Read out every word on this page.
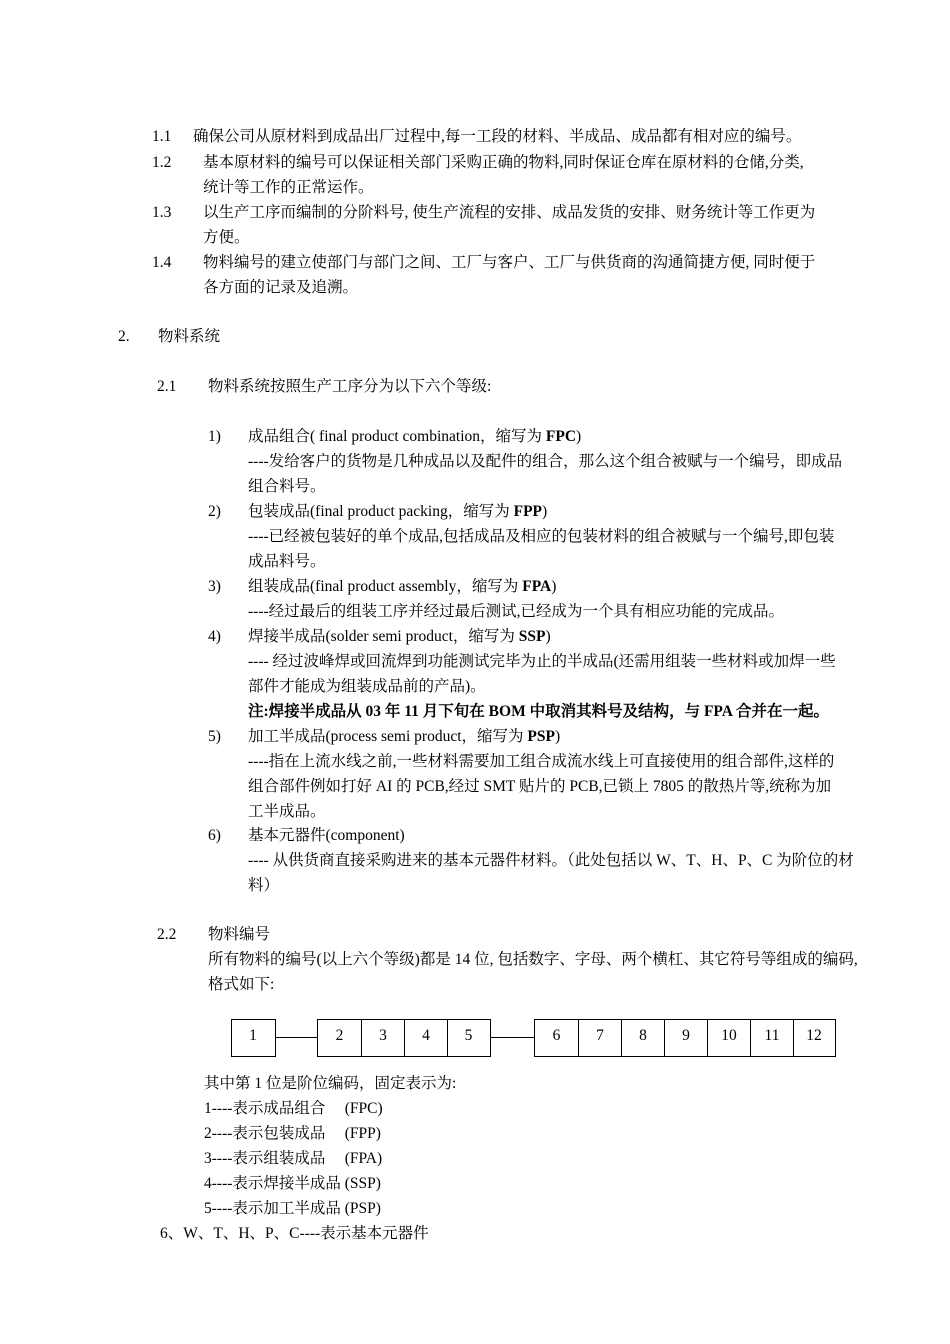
1.1 确保公司从原材料到成品出厂过程中,每一工段的材料、半成品、成品都有相对应的编号。
1.2 基本原材料的编号可以保证相关部门采购正确的物料,同时保证仓库在原材料的仓储,分类,
统计等工作的正常运作。
1.3 以生产工序而编制的分阶料号, 使生产流程的安排、成品发货的安排、财务统计等工作更为
方便。
1.4 物料编号的建立使部门与部门之间、工厂与客户、工厂与供货商的沟通简捷方便, 同时便于
各方面的记录及追溯。
2. 物料系统
2.1 物料系统按照生产工序分为以下六个等级:
1) 成品组合( final product combination，缩写为 FPC)
----发给客户的货物是几种成品以及配件的组合，那么这个组合被赋与一个编号，即成品
组合料号。
2) 包装成品(final product packing，缩写为 FPP)
----已经被包装好的单个成品,包括成品及相应的包装材料的组合被赋与一个编号,即包装
成品料号。
3) 组装成品(final product assembly，缩写为 FPA)
----经过最后的组装工序并经过最后测试,已经成为一个具有相应功能的完成品。
4) 焊接半成品(solder semi product，缩写为 SSP)
---- 经过波峰焊或回流焊到功能测试完毕为止的半成品(还需用组装一些材料或加焊一些
部件才能成为组装成品前的产品)。
注:焊接半成品从 03 年 11 月下旬在 BOM 中取消其料号及结构，与 FPA 合并在一起。
5) 加工半成品(process semi product，缩写为 PSP)
----指在上流水线之前,一些材料需要加工组合成流水线上可直接使用的组合部件,这样的
组合部件例如打好 AI 的 PCB,经过 SMT 贴片的 PCB,已锁上 7805 的散热片等,统称为加
工半成品。
6) 基本元器件(component)
---- 从供货商直接采购进来的基本元器件材料。（此处包括以 W、T、H、P、C 为阶位的材
料）
2.2 物料编号
所有物料的编号(以上六个等级)都是 14 位, 包括数字、字母、两个横杠、其它符号等组成的编码,
格式如下:
1	2	3	4	5	6	7	8	9	10	11	12
其中第 1 位是阶位编码，固定表示为:
1----表示成品组合　 (FPC)
2----表示包装成品　 (FPP)
3----表示组装成品　 (FPA)
4----表示焊接半成品 (SSP)
5----表示加工半成品 (PSP)
6、W、T、H、P、C----表示基本元器件
